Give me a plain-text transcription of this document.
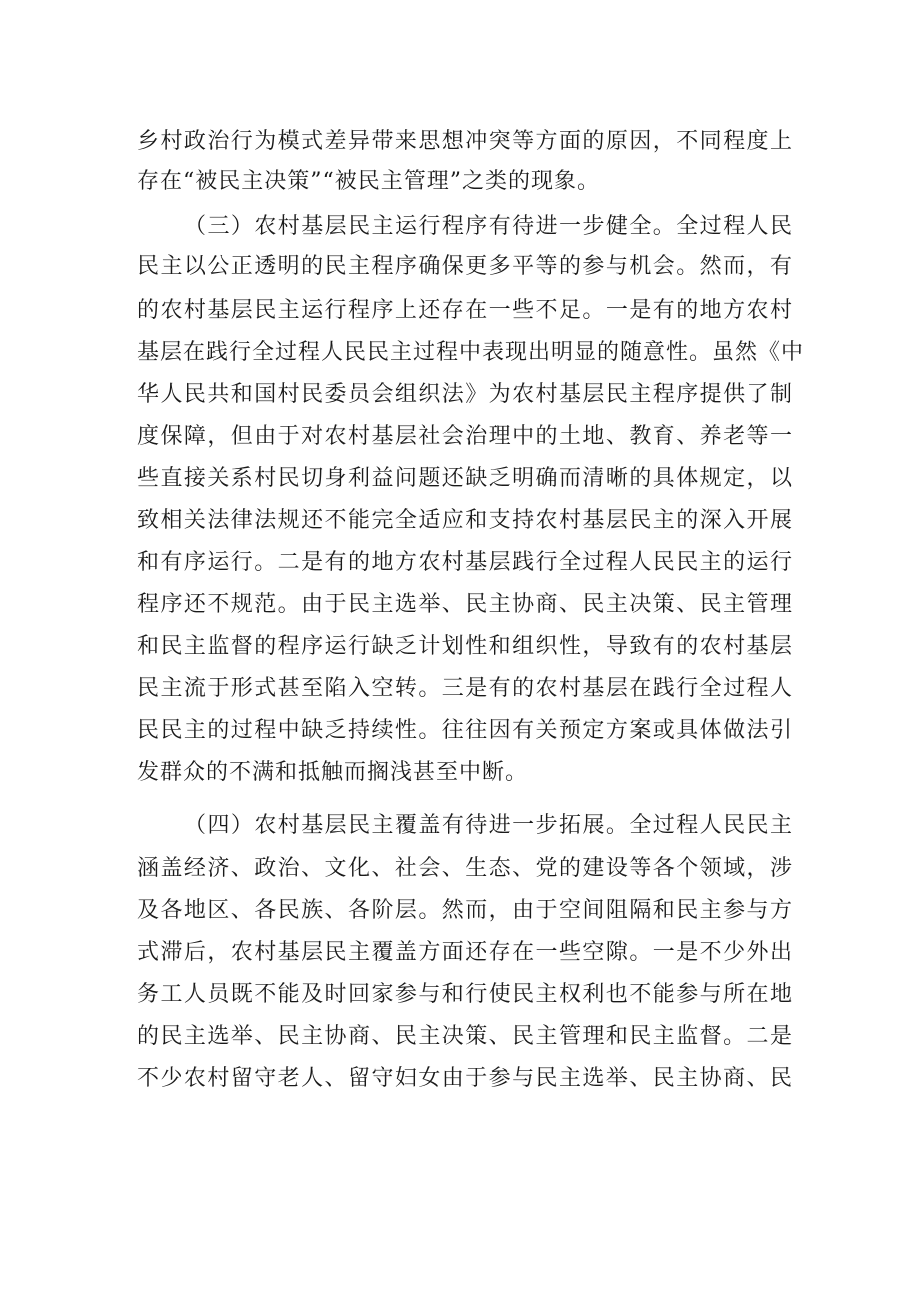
乡村政治行为模式差异带来思想冲突等方面的原因，不同程度上
存在“被民主决策”“被民主管理”之类的现象。
（三）农村基层民主运行程序有待进一步健全。全过程人民
民主以公正透明的民主程序确保更多平等的参与机会。然而，有
的农村基层民主运行程序上还存在一些不足。一是有的地方农村
基层在践行全过程人民民主过程中表现出明显的随意性。虽然《中
华人民共和国村民委员会组织法》为农村基层民主程序提供了制
度保障，但由于对农村基层社会治理中的土地、教育、养老等一
些直接关系村民切身利益问题还缺乏明确而清晰的具体规定，以
致相关法律法规还不能完全适应和支持农村基层民主的深入开展
和有序运行。二是有的地方农村基层践行全过程人民民主的运行
程序还不规范。由于民主选举、民主协商、民主决策、民主管理
和民主监督的程序运行缺乏计划性和组织性，导致有的农村基层
民主流于形式甚至陷入空转。三是有的农村基层在践行全过程人
民民主的过程中缺乏持续性。往往因有关预定方案或具体做法引
发群众的不满和抵触而搁浅甚至中断。
（四）农村基层民主覆盖有待进一步拓展。全过程人民民主
涵盖经济、政治、文化、社会、生态、党的建设等各个领域，涉
及各地区、各民族、各阶层。然而，由于空间阻隔和民主参与方
式滞后，农村基层民主覆盖方面还存在一些空隙。一是不少外出
务工人员既不能及时回家参与和行使民主权利也不能参与所在地
的民主选举、民主协商、民主决策、民主管理和民主监督。二是
不少农村留守老人、留守妇女由于参与民主选举、民主协商、民
